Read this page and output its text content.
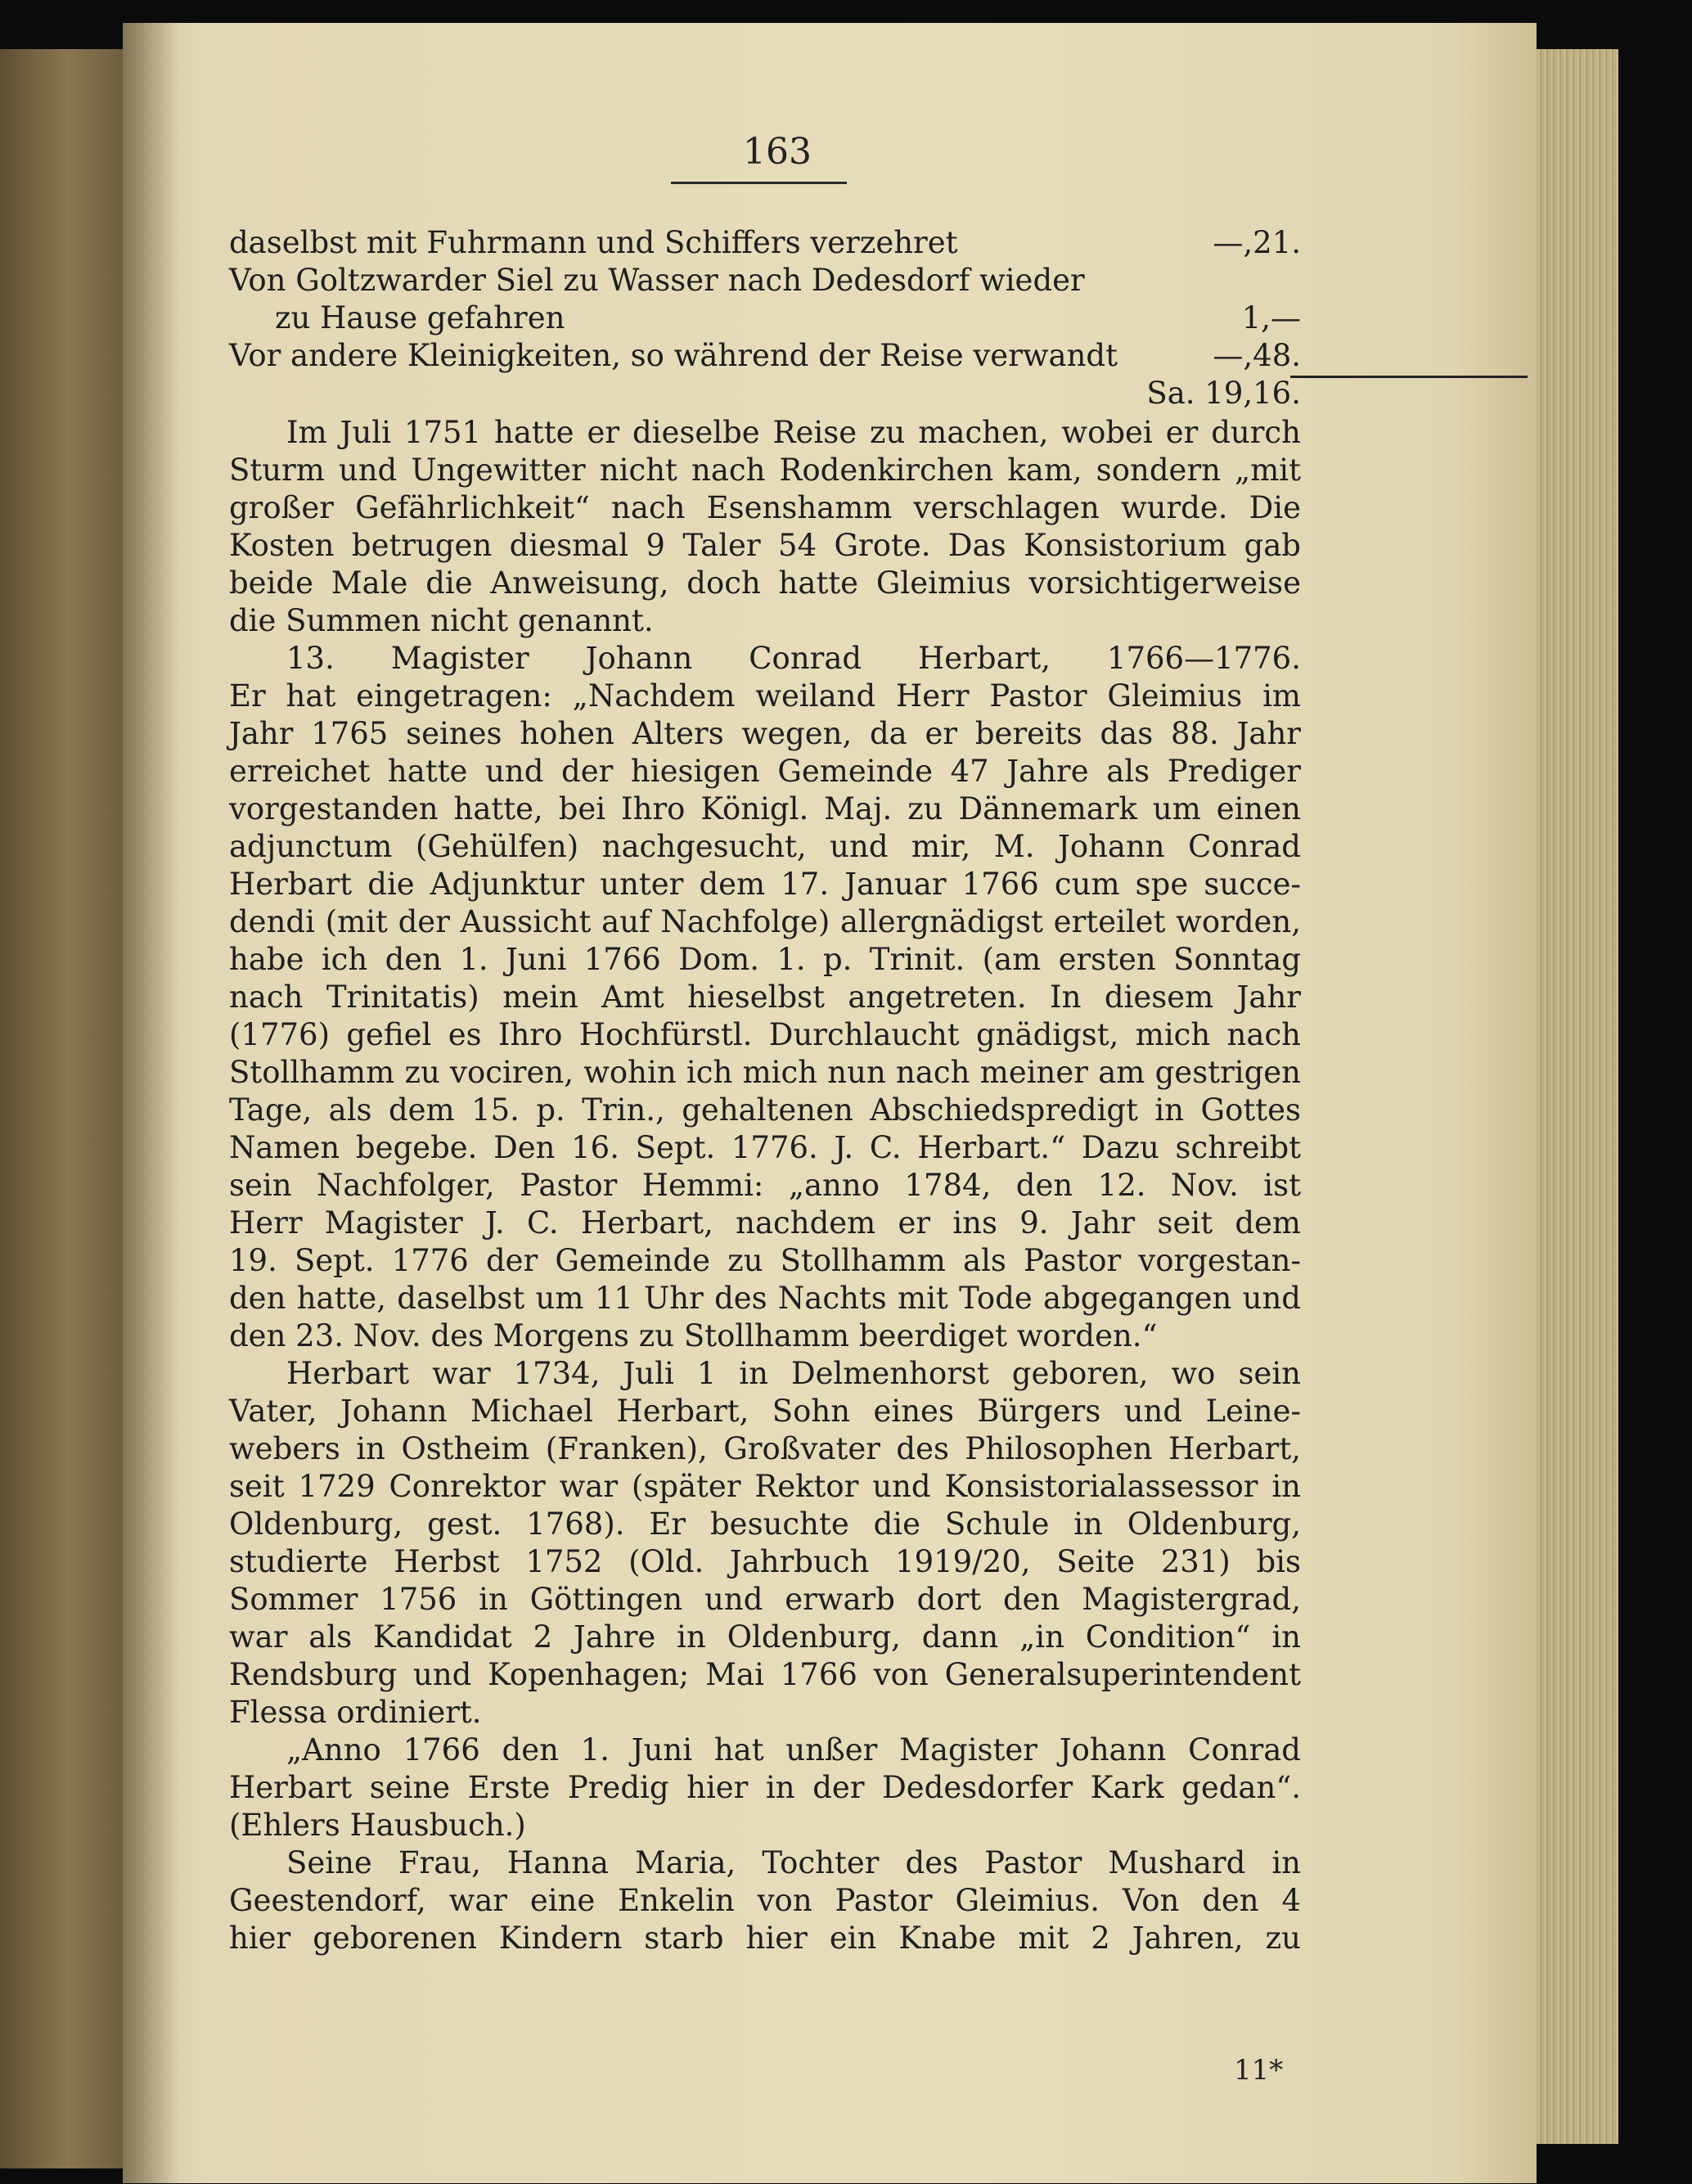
163
daselbst mit Fuhrmann und Schiffers verzehret	—,21.
Von Goltzwarder Siel zu Wasser nach Dedesdorf wieder
zu Hause gefahren	1,—
Vor andere Kleinigkeiten, so während der Reise verwandt	—,48.
Sa. 19,16.
Im Juli 1751 hatte er dieselbe Reise zu machen, wobei er durch
Sturm und Ungewitter nicht nach Rodenkirchen kam, sondern „mit
großer Gefährlichkeit“ nach Esenshamm verschlagen wurde. Die
Kosten betrugen diesmal 9 Taler 54 Grote. Das Konsistorium gab
beide Male die Anweisung, doch hatte Gleimius vorsichtigerweise
die Summen nicht genannt.
13. Magister Johann Conrad Herbart, 1766—1776.
Er hat eingetragen: „Nachdem weiland Herr Pastor Gleimius im
Jahr 1765 seines hohen Alters wegen, da er bereits das 88. Jahr
erreichet hatte und der hiesigen Gemeinde 47 Jahre als Prediger
vorgestanden hatte, bei Ihro Königl. Maj. zu Dännemark um einen
adjunctum (Gehülfen) nachgesucht, und mir, M. Johann Conrad
Herbart die Adjunktur unter dem 17. Januar 1766 cum spe succe-
dendi (mit der Aussicht auf Nachfolge) allergnädigst erteilet worden,
habe ich den 1. Juni 1766 Dom. 1. p. Trinit. (am ersten Sonntag
nach Trinitatis) mein Amt hieselbst angetreten. In diesem Jahr
(1776) gefiel es Ihro Hochfürstl. Durchlaucht gnädigst, mich nach
Stollhamm zu vociren, wohin ich mich nun nach meiner am gestrigen
Tage, als dem 15. p. Trin., gehaltenen Abschiedspredigt in Gottes
Namen begebe. Den 16. Sept. 1776. J. C. Herbart.“ Dazu schreibt
sein Nachfolger, Pastor Hemmi: „anno 1784, den 12. Nov. ist
Herr Magister J. C. Herbart, nachdem er ins 9. Jahr seit dem
19. Sept. 1776 der Gemeinde zu Stollhamm als Pastor vorgestan-
den hatte, daselbst um 11 Uhr des Nachts mit Tode abgegangen und
den 23. Nov. des Morgens zu Stollhamm beerdiget worden.“
Herbart war 1734, Juli 1 in Delmenhorst geboren, wo sein
Vater, Johann Michael Herbart, Sohn eines Bürgers und Leine-
webers in Ostheim (Franken), Großvater des Philosophen Herbart,
seit 1729 Conrektor war (später Rektor und Konsistorialassessor in
Oldenburg, gest. 1768). Er besuchte die Schule in Oldenburg,
studierte Herbst 1752 (Old. Jahrbuch 1919/20, Seite 231) bis
Sommer 1756 in Göttingen und erwarb dort den Magistergrad,
war als Kandidat 2 Jahre in Oldenburg, dann „in Condition“ in
Rendsburg und Kopenhagen; Mai 1766 von Generalsuperintendent
Flessa ordiniert.
„Anno 1766 den 1. Juni hat unßer Magister Johann Conrad
Herbart seine Erste Predig hier in der Dedesdorfer Kark gedan“.
(Ehlers Hausbuch.)
Seine Frau, Hanna Maria, Tochter des Pastor Mushard in
Geestendorf, war eine Enkelin von Pastor Gleimius. Von den 4
hier geborenen Kindern starb hier ein Knabe mit 2 Jahren, zu
11*
